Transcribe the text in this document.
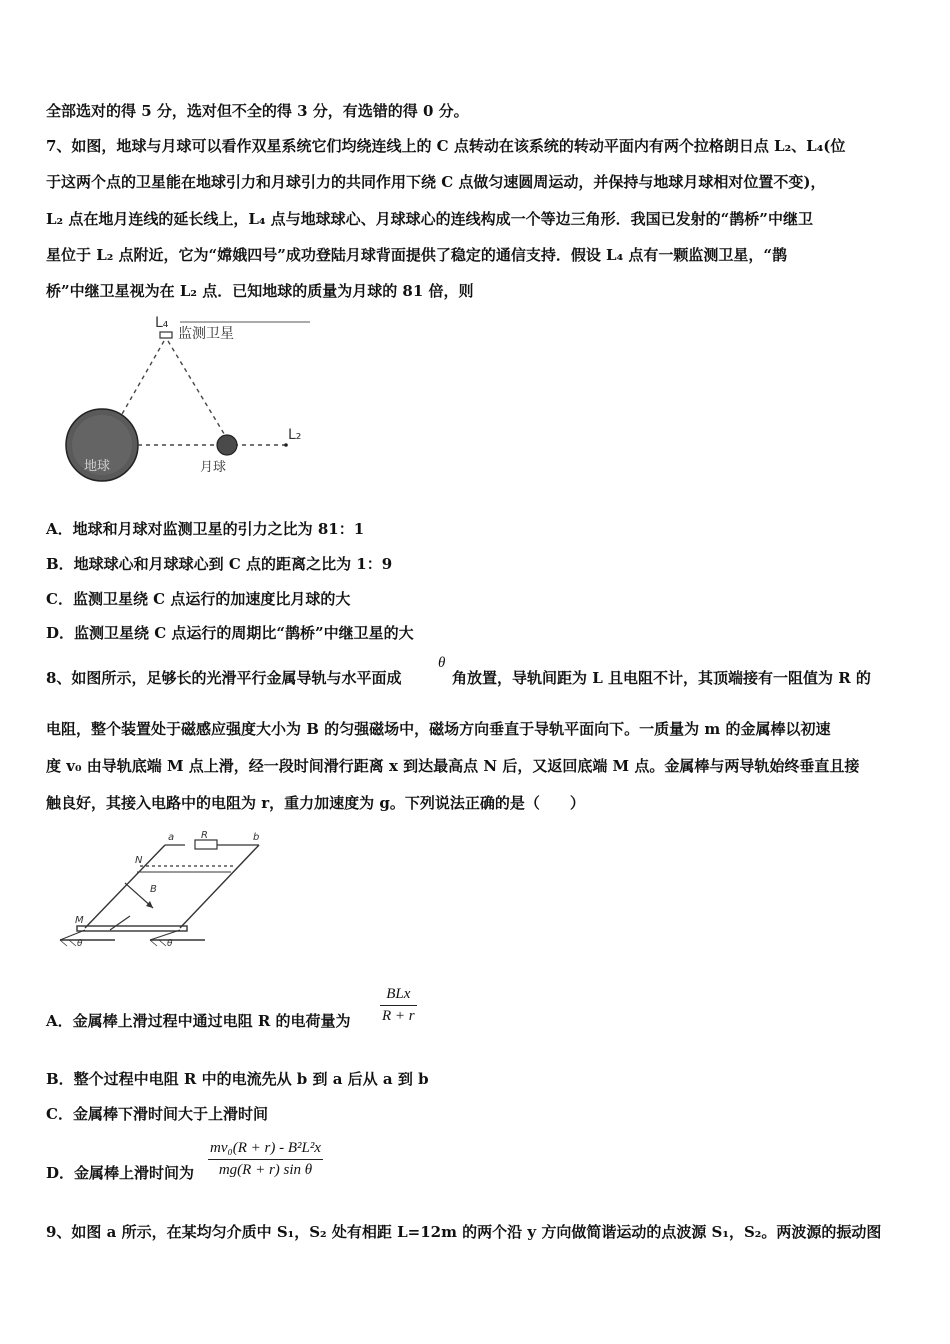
全部选对的得 5 分，选对但不全的得 3 分，有选错的得 0 分。
7、如图，地球与月球可以看作双星系统它们均绕连线上的 C 点转动在该系统的转动平面内有两个拉格朗日点 L₂、L₄(位
于这两个点的卫星能在地球引力和月球引力的共同作用下绕 C 点做匀速圆周运动，并保持与地球月球相对位置不变)，
L₂ 点在地月连线的延长线上，L₄ 点与地球球心、月球球心的连线构成一个等边三角形．我国已发射的“鹊桥”中继卫
星位于 L₂ 点附近，它为“嫦娥四号”成功登陆月球背面提供了稳定的通信支持．假设 L₄ 点有一颗监测卫星，“鹊
桥”中继卫星视为在 L₂ 点．已知地球的质量为月球的 81 倍，则
L₄
监测卫星
L₂
地球	月球
A．地球和月球对监测卫星的引力之比为 81：1
B．地球球心和月球球心到 C 点的距离之比为 1：9
C．监测卫星绕 C 点运行的加速度比月球的大
D．监测卫星绕 C 点运行的周期比“鹊桥”中继卫星的大
8、如图所示，足够长的光滑平行金属导轨与水平面成
θ
角放置，导轨间距为 L 且电阻不计，其顶端接有一阻值为 R 的
电阻，整个装置处于磁感应强度大小为 B 的匀强磁场中，磁场方向垂直于导轨平面向下。一质量为 m 的金属棒以初速
度 v₀ 由导轨底端 M 点上滑，经一段时间滑行距离 x 到达最高点 N 后，又返回底端 M 点。金属棒与两导轨始终垂直且接
触良好，其接入电路中的电阻为 r，重力加速度为 g。下列说法正确的是（　　）
a	R	b
N
B
M
θ	θ
A．金属棒上滑过程中通过电阻 R 的电荷量为
BLx
R + r
B．整个过程中电阻 R 中的电流先从 b 到 a 后从 a 到 b
C．金属棒下滑时间大于上滑时间
D．金属棒上滑时间为
mv₀(R + r) - B²L²x
mg(R + r) sin θ
9、如图 a 所示，在某均匀介质中 S₁，S₂ 处有相距 L=12m 的两个沿 y 方向做简谐运动的点波源 S₁，S₂。两波源的振动图
